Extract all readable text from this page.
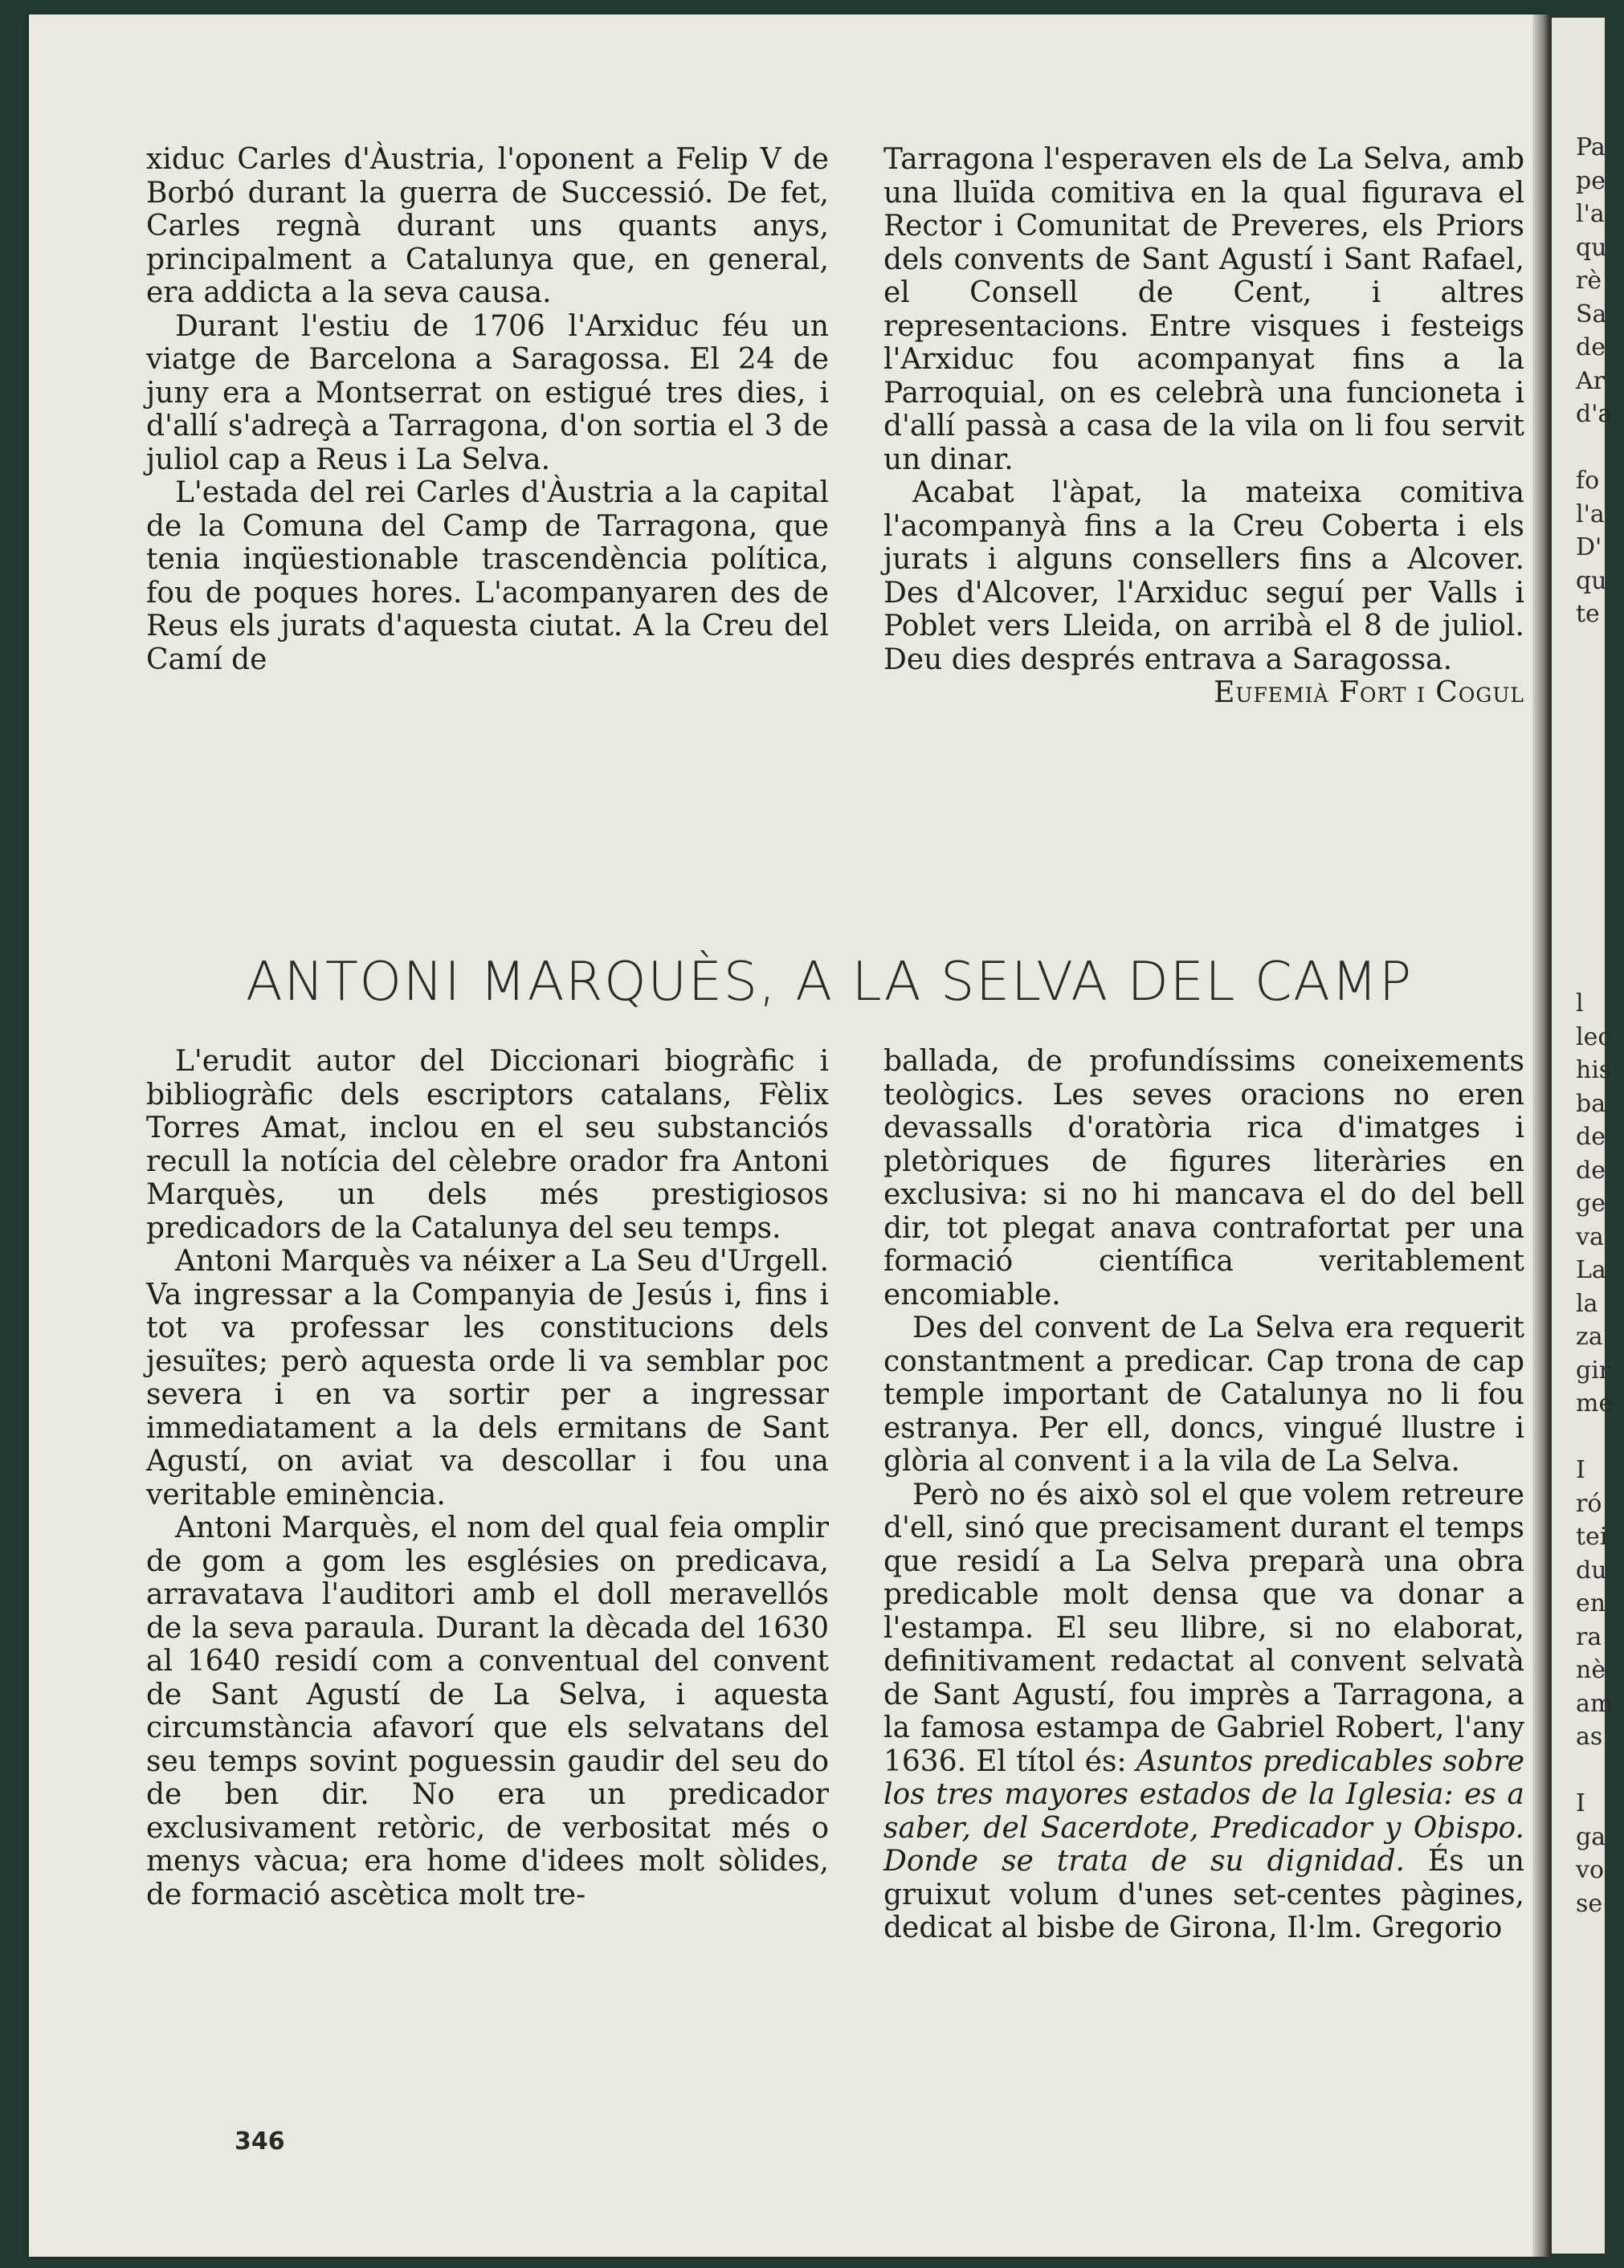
xiduc Carles d'Àustria, l'oponent a Felip V de Borbó durant la guerra de Successió. De fet, Carles regnà durant uns quants anys, principalment a Catalunya que, en general, era addicta a la seva causa.

Durant l'estiu de 1706 l'Arxiduc féu un viatge de Barcelona a Saragossa. El 24 de juny era a Montserrat on estigué tres dies, i d'allí s'adreçà a Tarragona, d'on sortia el 3 de juliol cap a Reus i La Selva.

L'estada del rei Carles d'Àustria a la capital de la Comuna del Camp de Tarragona, que tenia inqüestionable trascendència política, fou de poques hores. L'acompanyaren des de Reus els jurats d'aquesta ciutat. A la Creu del Camí de

Tarragona l'esperaven els de La Selva, amb una lluïda comitiva en la qual figurava el Rector i Comunitat de Preveres, els Priors dels convents de Sant Agustí i Sant Rafael, el Consell de Cent, i altres representacions. Entre visques i festeigs l'Arxiduc fou acompanyat fins a la Parroquial, on es celebrà una funcioneta i d'allí passà a casa de la vila on li fou servit un dinar.

Acabat l'àpat, la mateixa comitiva l'acompanyà fins a la Creu Coberta i els jurats i alguns consellers fins a Alcover. Des d'Alcover, l'Arxiduc seguí per Valls i Poblet vers Lleida, on arribà el 8 de juliol. Deu dies després entrava a Saragossa.

Eufemià Fort i Cogul

ANTONI MARQUÈS, A LA SELVA DEL CAMP

L'erudit autor del Diccionari biogràfic i bibliogràfic dels escriptors catalans, Fèlix Torres Amat, inclou en el seu substanciós recull la notícia del cèlebre orador fra Antoni Marquès, un dels més prestigiosos predicadors de la Catalunya del seu temps.

Antoni Marquès va néixer a La Seu d'Urgell. Va ingressar a la Companyia de Jesús i, fins i tot va professar les constitucions dels jesuïtes; però aquesta orde li va semblar poc severa i en va sortir per a ingressar immediatament a la dels ermitans de Sant Agustí, on aviat va descollar i fou una veritable eminència.

Antoni Marquès, el nom del qual feia omplir de gom a gom les esglésies on predicava, arravatava l'auditori amb el doll meravellós de la seva paraula. Durant la dècada del 1630 al 1640 residí com a conventual del convent de Sant Agustí de La Selva, i aquesta circumstància afavorí que els selvatans del seu temps sovint poguessin gaudir del seu do de ben dir. No era un predicador exclusivament retòric, de verbositat més o menys vàcua; era home d'idees molt sòlides, de formació ascètica molt tre-

ballada, de profundíssims coneixements teològics. Les seves oracions no eren devassalls d'oratòria rica d'imatges i pletòriques de figures literàries en exclusiva: si no hi mancava el do del bell dir, tot plegat anava contrafortat per una formació científica veritablement encomiable.

Des del convent de La Selva era requerit constantment a predicar. Cap trona de cap temple important de Catalunya no li fou estranya. Per ell, doncs, vingué llustre i glòria al convent i a la vila de La Selva.

Però no és això sol el que volem retreure d'ell, sinó que precisament durant el temps que residí a La Selva preparà una obra predicable molt densa que va donar a l'estampa. El seu llibre, si no elaborat, definitivament redactat al convent selvatà de Sant Agustí, fou imprès a Tarragona, a la famosa estampa de Gabriel Robert, l'any 1636. El títol és: Asuntos predicables sobre los tres mayores estados de la Iglesia: es a saber, del Sacerdote, Predicador y Obispo. Donde se trata de su dignidad. És un gruixut volum d'unes set-centes pàgines, dedicat al bisbe de Girona, Il·lm. Gregorio

346
Pa
pe
l'a
qu
rè
Sa
de
Ar
d'a
fo
l'a
D'
qu
te
l
lec
his
ba
de
de
ge
va
La
la
za
gir
me
I
ró
tei
du
en
ra
nè
am
as
I
ga
vo
se
